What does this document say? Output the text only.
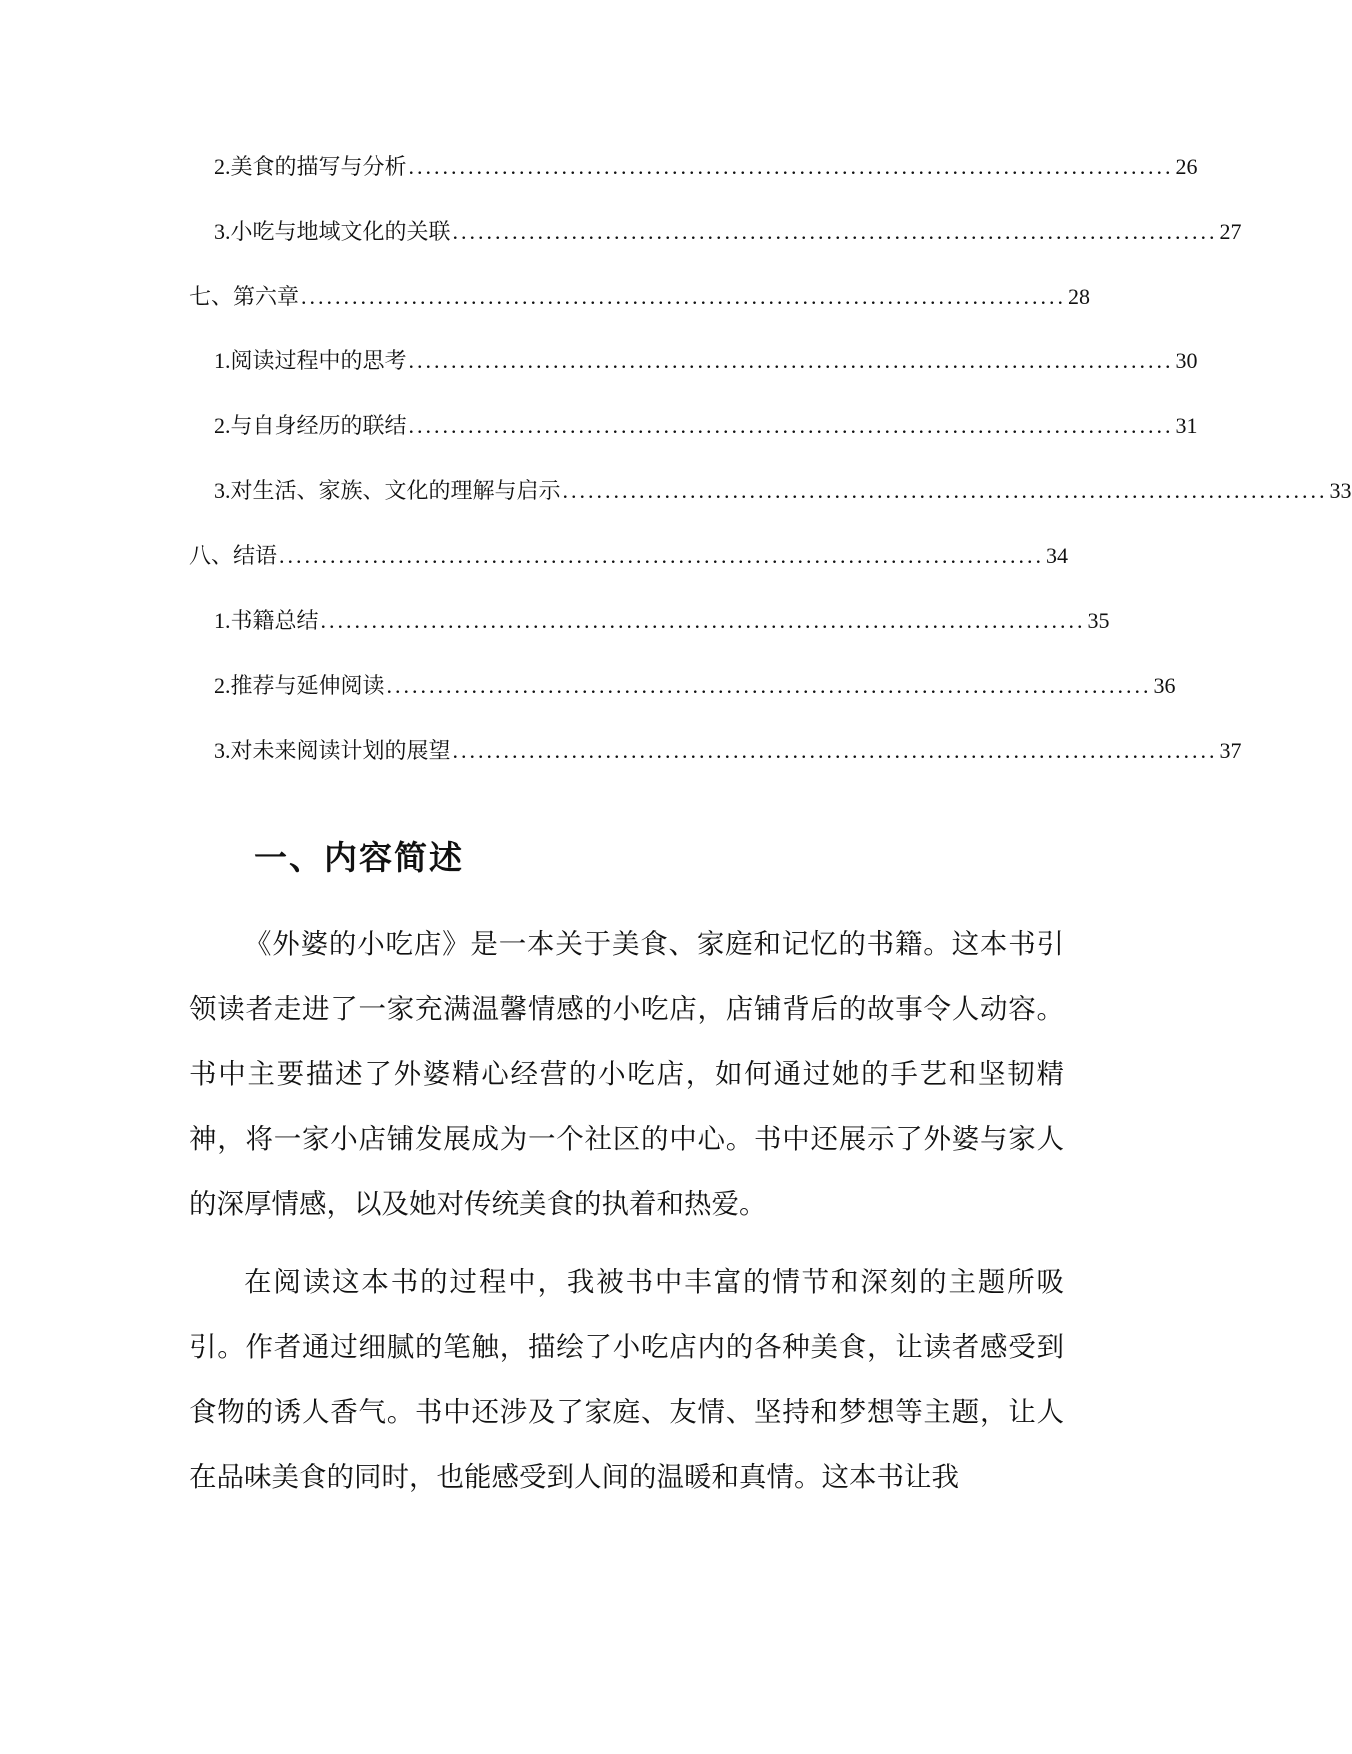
2. 美食的描写与分析 .......................................................................................... 26
3. 小吃与地域文化的关联 .......................................................................................... 27
七、第六章 .......................................................................................... 28
1. 阅读过程中的思考 .......................................................................................... 30
2. 与自身经历的联结 .......................................................................................... 31
3. 对生活、家族、文化的理解与启示 .......................................................................................... 33
八、结语 .......................................................................................... 34
1. 书籍总结 .......................................................................................... 35
2. 推荐与延伸阅读 .......................................................................................... 36
3. 对未来阅读计划的展望 .......................................................................................... 37
一、内容简述

《外婆的小吃店》是一本关于美食、家庭和记忆的书籍。这本书引领读者走进了一家充满温馨情感的小吃店，店铺背后的故事令人动容。书中主要描述了外婆精心经营的小吃店，如何通过她的手艺和坚韧精神，将一家小店铺发展成为一个社区的中心。书中还展示了外婆与家人的深厚情感，以及她对传统美食的执着和热爱。

在阅读这本书的过程中，我被书中丰富的情节和深刻的主题所吸引。作者通过细腻的笔触，描绘了小吃店内的各种美食，让读者感受到食物的诱人香气。书中还涉及了家庭、友情、坚持和梦想等主题，让人在品味美食的同时，也能感受到人间的温暖和真情。这本书让我
